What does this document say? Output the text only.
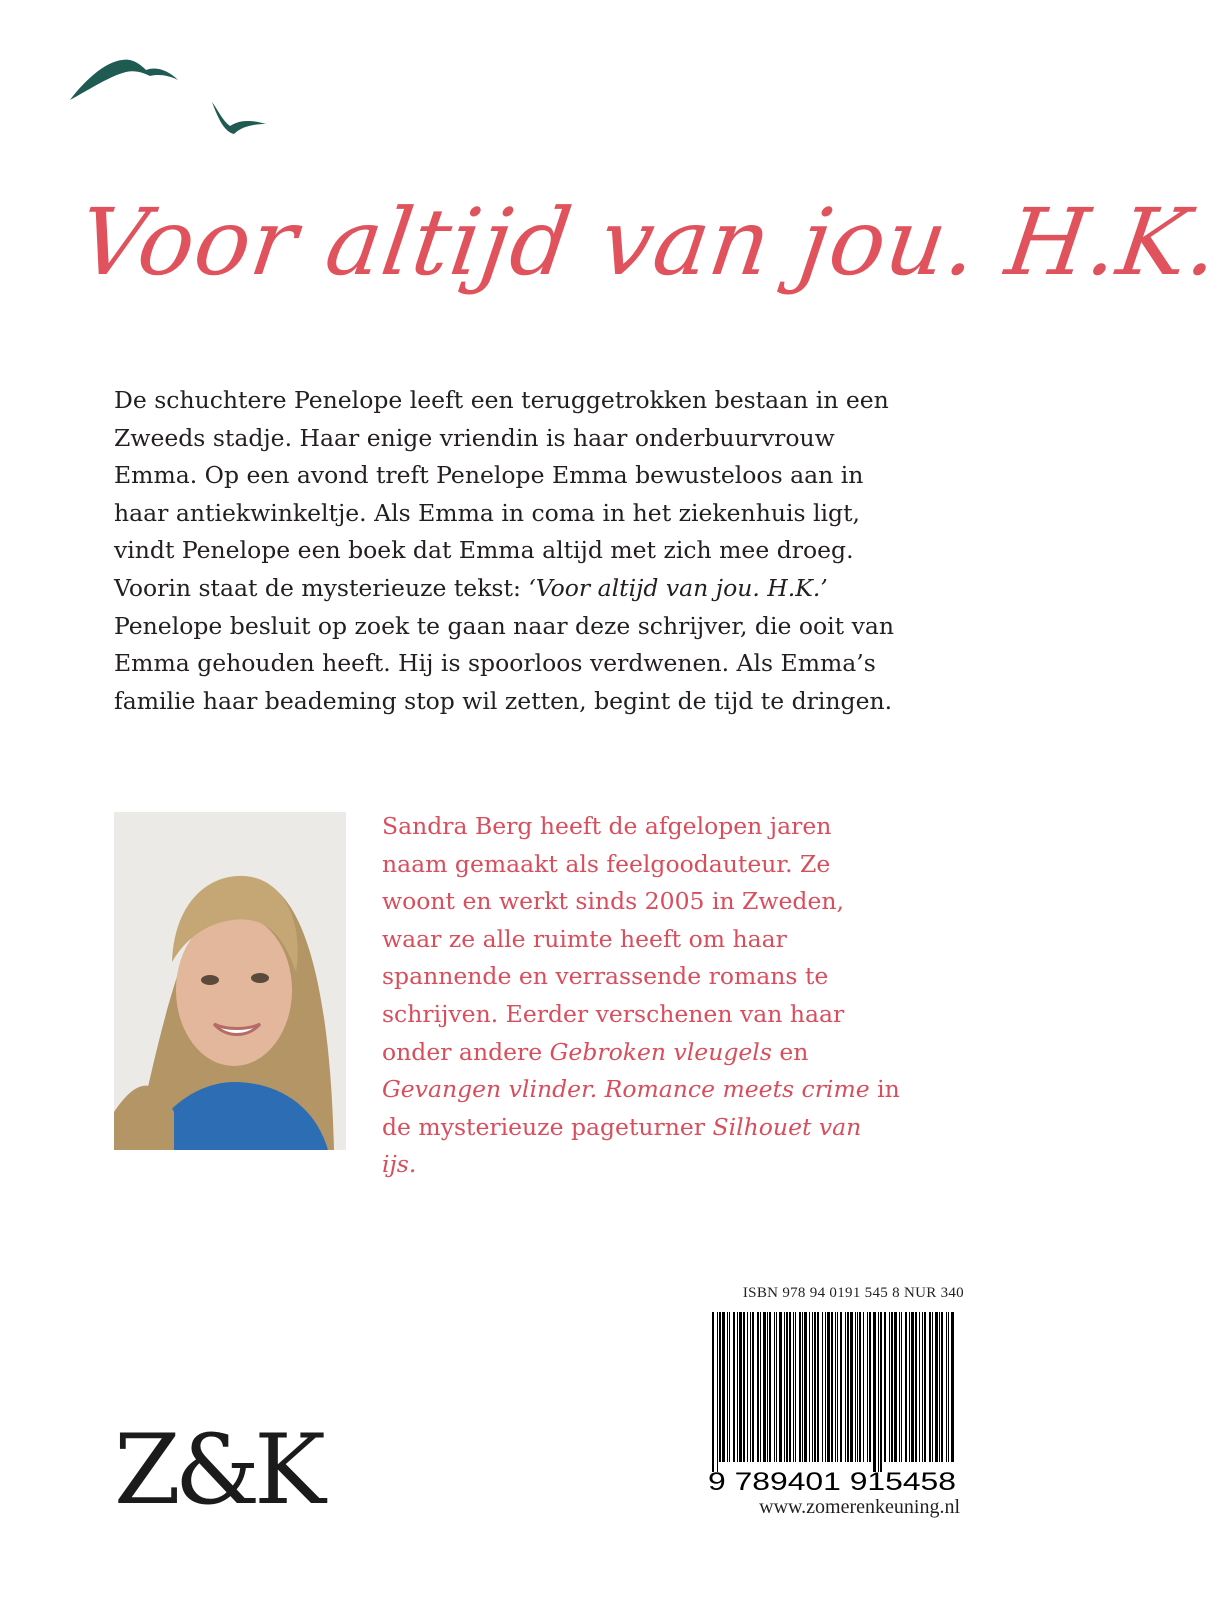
Voor altijd van jou. H.K.

De schuchtere Penelope leeft een teruggetrokken bestaan in een Zweeds stadje. Haar enige vriendin is haar onderbuurvrouw Emma. Op een avond treft Penelope Emma bewusteloos aan in haar antiekwinkeltje. Als Emma in coma in het ziekenhuis ligt, vindt Penelope een boek dat Emma altijd met zich mee droeg. Voorin staat de mysterieuze tekst: ‘Voor altijd van jou. H.K.’ Penelope besluit op zoek te gaan naar deze schrijver, die ooit van Emma gehouden heeft. Hij is spoorloos verdwenen. Als Emma’s familie haar beademing stop wil zetten, begint de tijd te dringen.

Sandra Berg heeft de afgelopen jaren naam gemaakt als feelgoodauteur. Ze woont en werkt sinds 2005 in Zweden, waar ze alle ruimte heeft om haar spannende en verrassende romans te schrijven. Eerder verschenen van haar onder andere Gebroken vleugels en Gevangen vlinder. Romance meets crime in de mysterieuze pageturner Silhouet van ijs.

ISBN 978 94 0191 545 8 NUR 340
9 789401 915458
www.zomerenkeuning.nl
Z&K
